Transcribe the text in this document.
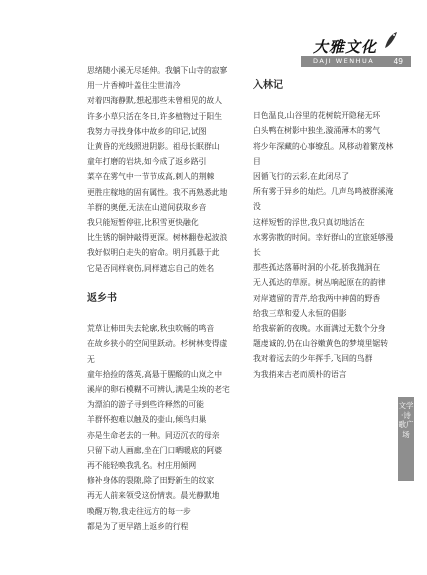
大雅文化
DAJI WENHUA	49

思绪随小溪无尽延伸。我躺下山寺的寂寥

用一片香樟叶盖住尘世清冷

对着四海静默,想起那些未曾相见的故人

许多小草只活在冬日,许多植物过于阳生

我努力寻找身体中故乡的印记,试图

让黄昏的光线照进阴影。祖母长眠群山

童年打磨的岩块,如今成了返乡路引

菜卒在雾气中一节节成高,刺人的荆棘

更胜庄稼地的固有属性。我不再熟悉此地

羊群的奥便,无法在山道间获取乡音

我只能短暂停驻,比积雪更快融化

比生锈的铜钟敲得更深。树林翻卷起波浪

我好似明白走失的宿命。明月孤悬于此

它是否同样衰伤,同样遗忘自己的姓名

返乡书

荒草让柿田失去轮廓,秋虫吹畅的鸣音

在故乡狭小的空间里跃动。杉树林变得虚

无

童年拾捡的落英,高悬于腥酸的山岚之中

溪岸的卵石模糊不可辨认,满是尘埃的老宅

为漂泊的游子寻到些许释然的可能

羊群怀抱难以触及的壶山,倾鸟归巢

亦是生命老去的一种。同迈沉衣的母亲

只留下动人画廊,坐在门口晒暖底的阿婆

再不能轻唤我乳名。村庄用倾网

修补身体的裂隙,除了田野新生的纹家

再无人前来领受这份情衷。晨光静默地

唤醒万物,我走往远方的每一步

都是为了更早踏上返乡的行程

入林记

日色温良,山谷里的花树皖开隐秘无环

白头鸭在树影中独坐,漩涌薄木的雾气

将少年深藏的心事缭乱。风移动着繁茂林

目

因循飞行的云彩,在此闭尽了

所有雾于异乡的灿烂。几声鸟鸣被群溪淹

没

这样短暂的浮世,我只真切地活在

水雾弥散的时间。幸好群山的宣旅延够漫

长

那些孤达落幕时洞的小花,骄我抛洞在

无人孤达的草原。树丛响起原在的韵律

对岸遗留的青芹,给我两中神茵的野香

给我三草和爱人永恒的倡影

给我崭新的夜晚。水面满过无数个分身

题虔诚的,仍在山谷嫩黄色的梦境里锯转

我对着远去的少年挥手,飞回的鸟群

为我捎来古老而质朴的语言

文学·诗歌广场
